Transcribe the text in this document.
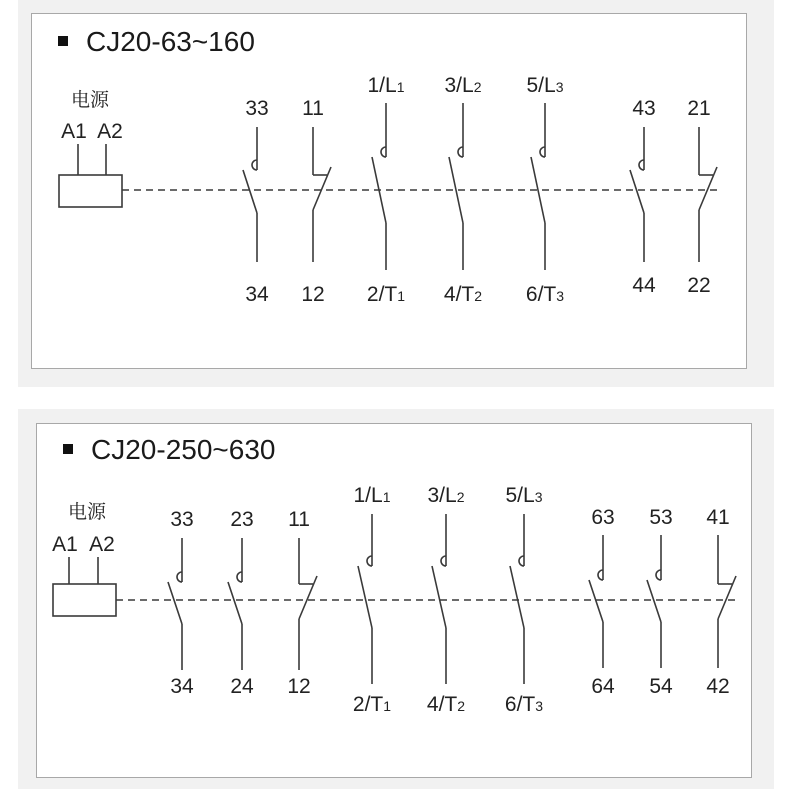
CJ20-63~160
CJ20-250~630
电源
A1 A2
33
34
11
12
1/L1
2/T1
3/L2
4/T2
5/L3
6/T3
43
44
21
22
电源
A1 A2
33
34
23
24
11
12
1/L1
2/T1
3/L2
4/T2
5/L3
6/T3
63
64
53
54
41
42
